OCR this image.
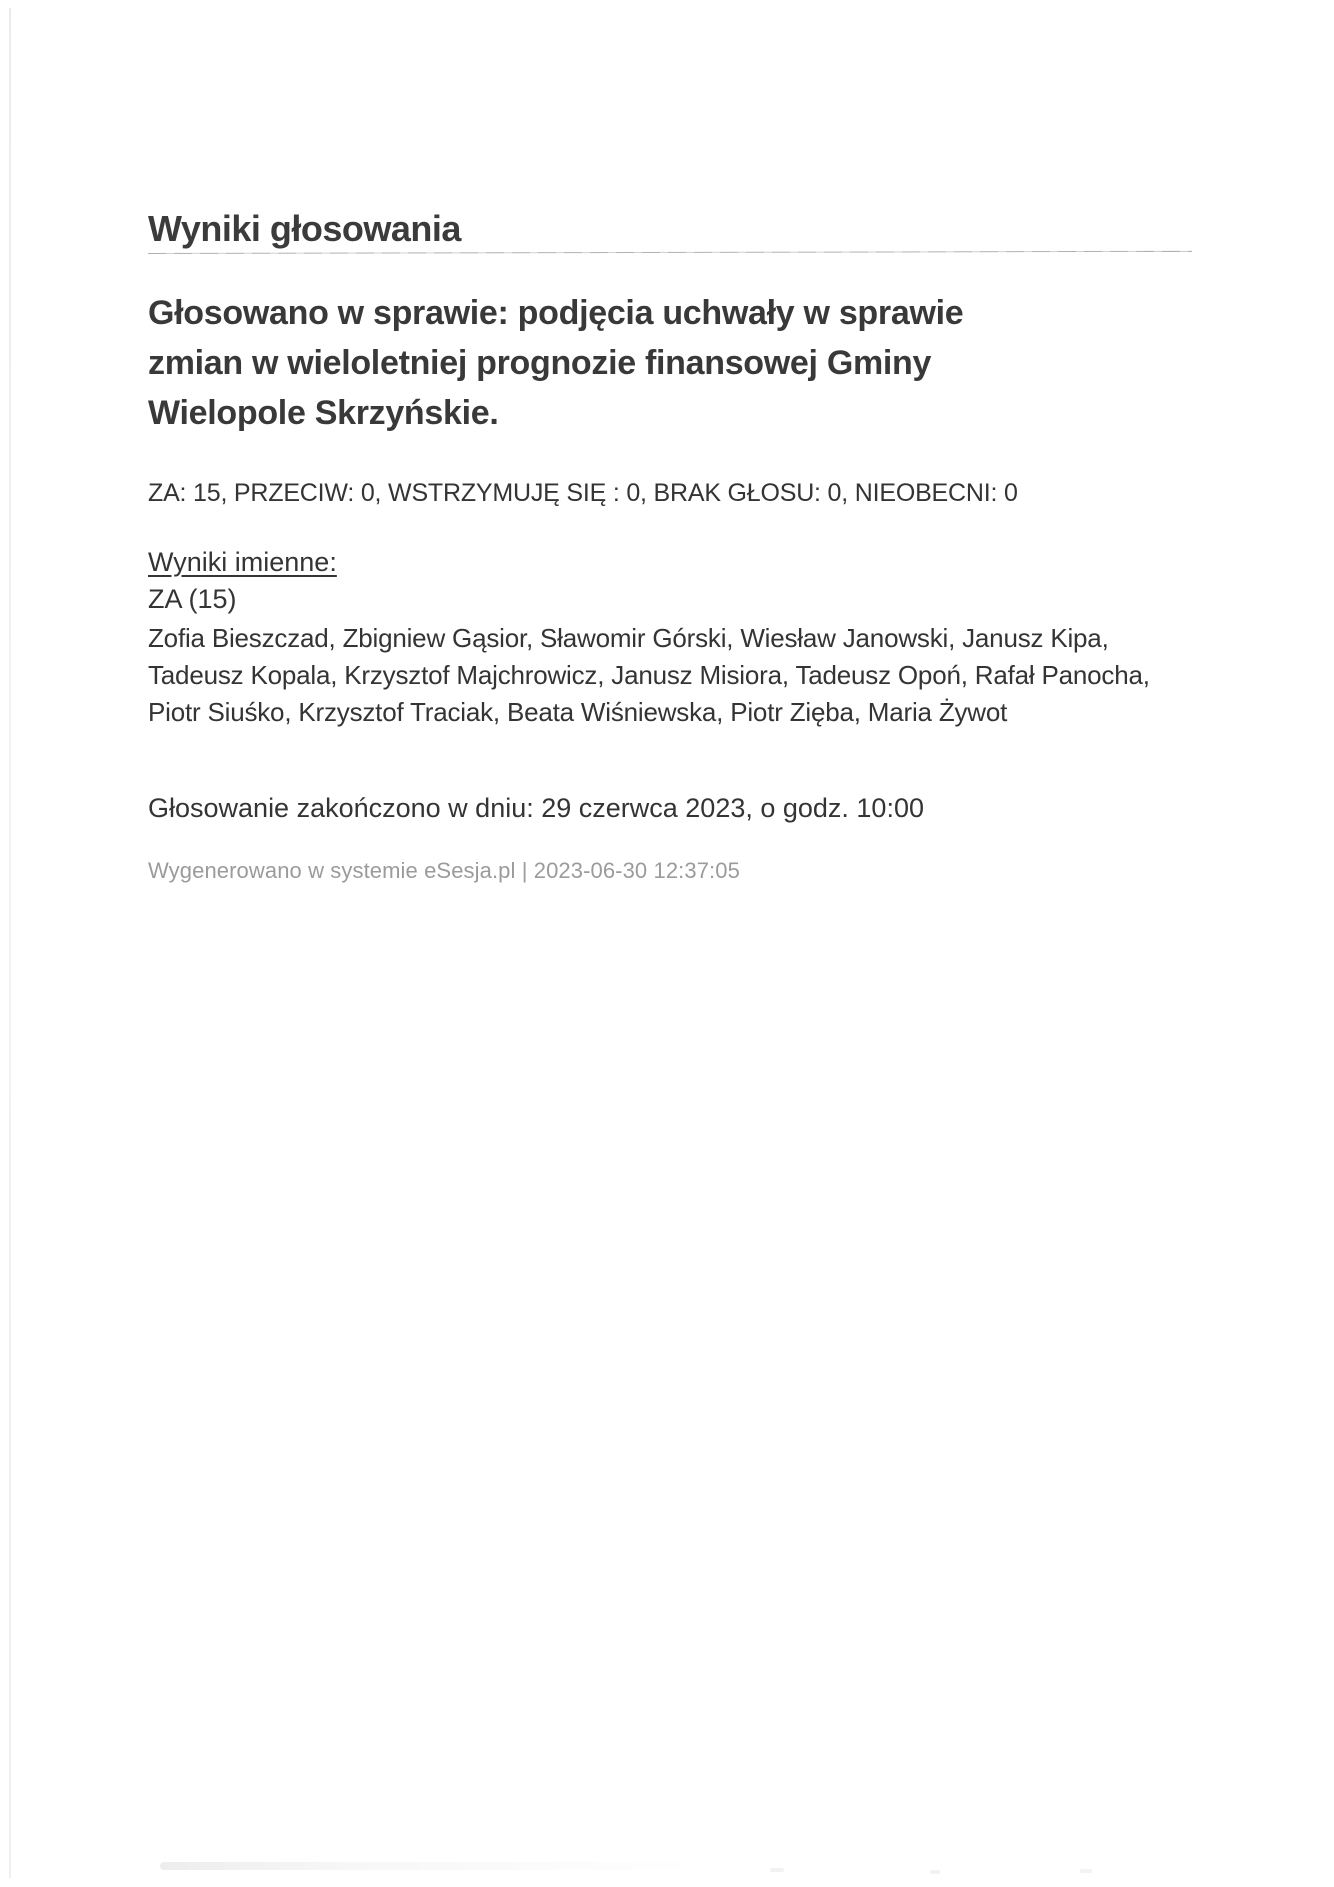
Wyniki głosowania
Głosowano w sprawie: podjęcia uchwały w sprawie
zmian w wieloletniej prognozie finansowej Gminy
Wielopole Skrzyńskie.
ZA: 15, PRZECIW: 0, WSTRZYMUJĘ SIĘ : 0, BRAK GŁOSU: 0, NIEOBECNI: 0
Wyniki imienne:
ZA (15)
Zofia Bieszczad, Zbigniew Gąsior, Sławomir Górski, Wiesław Janowski, Janusz Kipa,
Tadeusz Kopala, Krzysztof Majchrowicz, Janusz Misiora, Tadeusz Opoń, Rafał Panocha,
Piotr Siuśko, Krzysztof Traciak, Beata Wiśniewska, Piotr Zięba, Maria Żywot
Głosowanie zakończono w dniu: 29 czerwca 2023, o godz. 10:00
Wygenerowano w systemie eSesja.pl | 2023-06-30 12:37:05
